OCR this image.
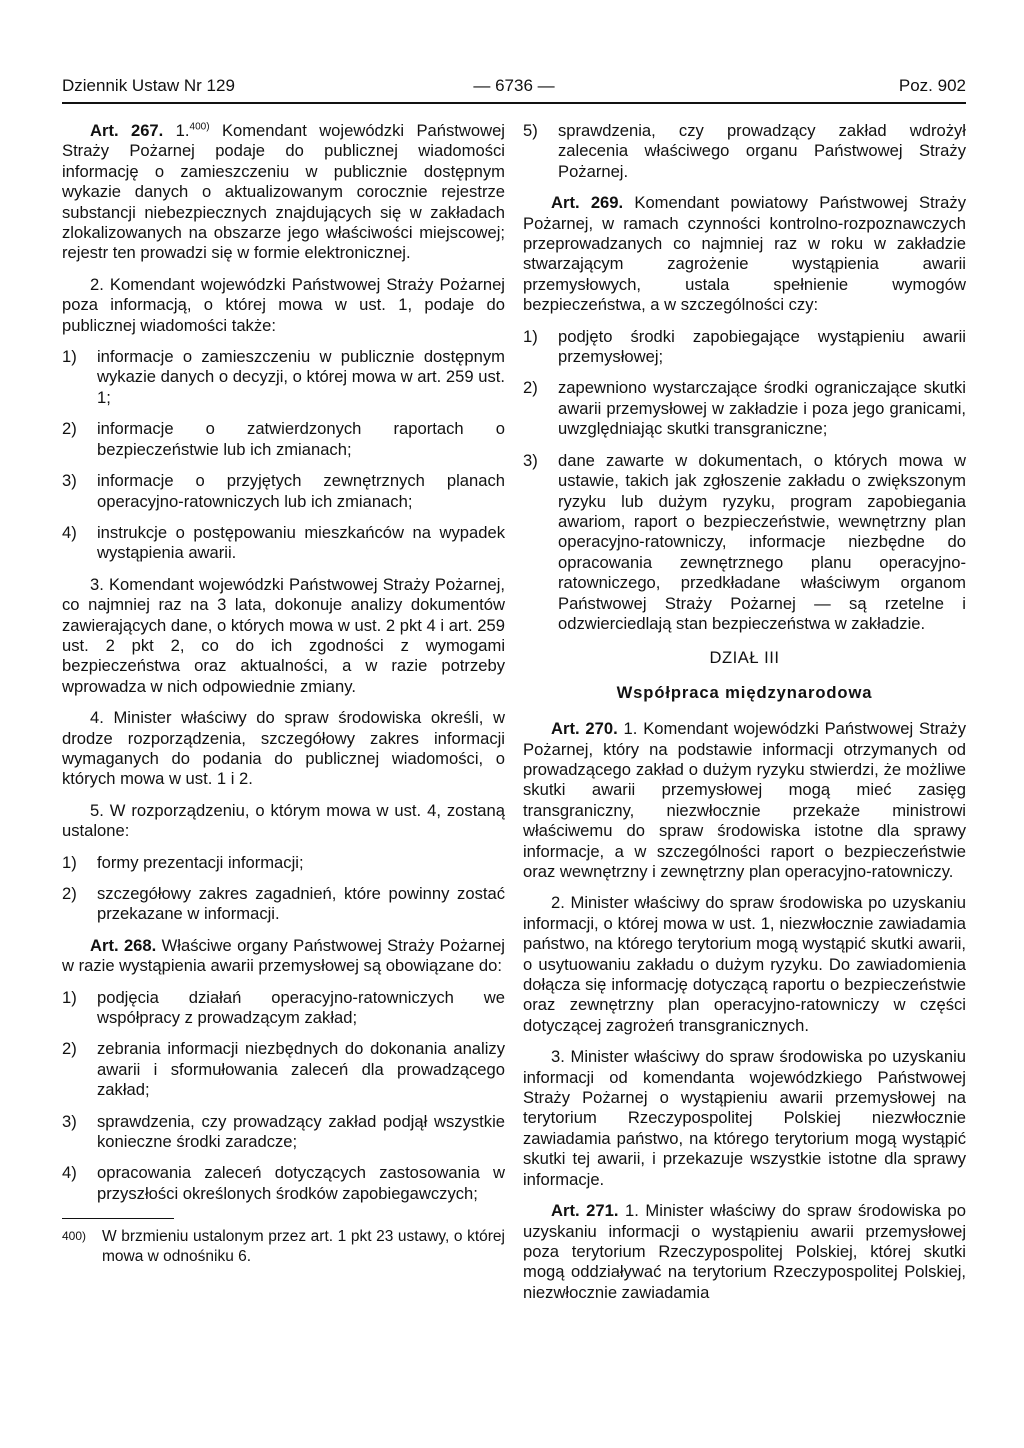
Dziennik Ustaw Nr 129	— 6736 —	Poz. 902

Art. 267. 1.$^{400)}$ Komendant wojewódzki Państwowej Straży Pożarnej podaje do publicznej wiadomości informację o zamieszczeniu w publicznie dostępnym wykazie danych o aktualizowanym corocznie rejestrze substancji niebezpiecznych znajdujących się w zakładach zlokalizowanych na obszarze jego właściwości miejscowej; rejestr ten prowadzi się w formie elektronicznej.

2. Komendant wojewódzki Państwowej Straży Pożarnej poza informacją, o której mowa w ust. 1, podaje do publicznej wiadomości także:

1) informacje o zamieszczeniu w publicznie dostępnym wykazie danych o decyzji, o której mowa w art. 259 ust. 1;
2) informacje o zatwierdzonych raportach o bezpieczeństwie lub ich zmianach;
3) informacje o przyjętych zewnętrznych planach operacyjno-ratowniczych lub ich zmianach;
4) instrukcje o postępowaniu mieszkańców na wypadek wystąpienia awarii.

3. Komendant wojewódzki Państwowej Straży Pożarnej, co najmniej raz na 3 lata, dokonuje analizy dokumentów zawierających dane, o których mowa w ust. 2 pkt 4 i art. 259 ust. 2 pkt 2, co do ich zgodności z wymogami bezpieczeństwa oraz aktualności, a w razie potrzeby wprowadza w nich odpowiednie zmiany.

4. Minister właściwy do spraw środowiska określi, w drodze rozporządzenia, szczegółowy zakres informacji wymaganych do podania do publicznej wiadomości, o których mowa w ust. 1 i 2.

5. W rozporządzeniu, o którym mowa w ust. 4, zostaną ustalone:

1) formy prezentacji informacji;
2) szczegółowy zakres zagadnień, które powinny zostać przekazane w informacji.

Art. 268. Właściwe organy Państwowej Straży Pożarnej w razie wystąpienia awarii przemysłowej są obowiązane do:

1) podjęcia działań operacyjno-ratowniczych we współpracy z prowadzącym zakład;
2) zebrania informacji niezbędnych do dokonania analizy awarii i sformułowania zaleceń dla prowadzącego zakład;
3) sprawdzenia, czy prowadzący zakład podjął wszystkie konieczne środki zaradcze;
4) opracowania zaleceń dotyczących zastosowania w przyszłości określonych środków zapobiegawczych;
400) W brzmieniu ustalonym przez art. 1 pkt 23 ustawy, o której mowa w odnośniku 6.
5) sprawdzenia, czy prowadzący zakład wdrożył zalecenia właściwego organu Państwowej Straży Pożarnej.

Art. 269. Komendant powiatowy Państwowej Straży Pożarnej, w ramach czynności kontrolno-rozpoznawczych przeprowadzanych co najmniej raz w roku w zakładzie stwarzającym zagrożenie wystąpienia awarii przemysłowych, ustala spełnienie wymogów bezpieczeństwa, a w szczególności czy:

1) podjęto środki zapobiegające wystąpieniu awarii przemysłowej;
2) zapewniono wystarczające środki ograniczające skutki awarii przemysłowej w zakładzie i poza jego granicami, uwzględniając skutki transgraniczne;
3) dane zawarte w dokumentach, o których mowa w ustawie, takich jak zgłoszenie zakładu o zwiększonym ryzyku lub dużym ryzyku, program zapobiegania awariom, raport o bezpieczeństwie, wewnętrzny plan operacyjno-ratowniczy, informacje niezbędne do opracowania zewnętrznego planu operacyjno-ratowniczego, przedkładane właściwym organom Państwowej Straży Pożarnej — są rzetelne i odzwierciedlają stan bezpieczeństwa w zakładzie.

DZIAŁ III

Współpraca międzynarodowa

Art. 270. 1. Komendant wojewódzki Państwowej Straży Pożarnej, który na podstawie informacji otrzymanych od prowadzącego zakład o dużym ryzyku stwierdzi, że możliwe skutki awarii przemysłowej mogą mieć zasięg transgraniczny, niezwłocznie przekaże ministrowi właściwemu do spraw środowiska istotne dla sprawy informacje, a w szczególności raport o bezpieczeństwie oraz wewnętrzny i zewnętrzny plan operacyjno-ratowniczy.

2. Minister właściwy do spraw środowiska po uzyskaniu informacji, o której mowa w ust. 1, niezwłocznie zawiadamia państwo, na którego terytorium mogą wystąpić skutki awarii, o usytuowaniu zakładu o dużym ryzyku. Do zawiadomienia dołącza się informację dotyczącą raportu o bezpieczeństwie oraz zewnętrzny plan operacyjno-ratowniczy w części dotyczącej zagrożeń transgranicznych.

3. Minister właściwy do spraw środowiska po uzyskaniu informacji od komendanta wojewódzkiego Państwowej Straży Pożarnej o wystąpieniu awarii przemysłowej na terytorium Rzeczypospolitej Polskiej niezwłocznie zawiadamia państwo, na którego terytorium mogą wystąpić skutki tej awarii, i przekazuje wszystkie istotne dla sprawy informacje.

Art. 271. 1. Minister właściwy do spraw środowiska po uzyskaniu informacji o wystąpieniu awarii przemysłowej poza terytorium Rzeczypospolitej Polskiej, której skutki mogą oddziaływać na terytorium Rzeczypospolitej Polskiej, niezwłocznie zawiadamia
